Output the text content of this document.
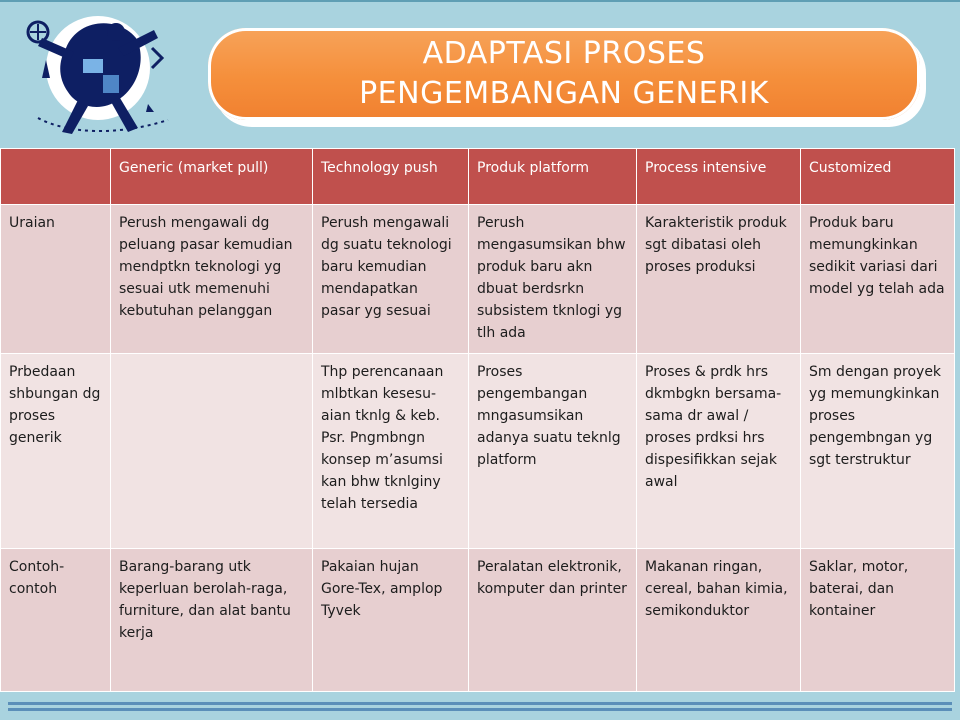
ADAPTASI PROSES
PENGEMBANGAN GENERIK
	Generic (market pull)	Technology push	Produk platform	Process intensive	Customized
Uraian	Perush mengawali dg peluang pasar kemudian mendptkn teknologi yg sesuai utk memenuhi kebutuhan pelanggan	Perush mengawali dg suatu teknologi baru kemudian mendapatkan pasar yg sesuai	Perush mengasumsikan bhw produk baru akn dbuat berdsrkn subsistem tknlogi yg tlh ada	Karakteristik produk sgt dibatasi oleh proses produksi	Produk baru memungkinkan sedikit variasi dari model yg telah ada
Prbedaan shbungan dg proses generik		Thp perencanaan mlbtkan kesesu-aian tknlg & keb. Psr. Pngmbngn konsep m’asumsi kan bhw tknlginy telah tersedia	Proses pengembangan mngasumsikan adanya suatu teknlg platform	Proses & prdk hrs dkmbgkn bersama-sama dr awal / proses prdksi hrs dispesifikkan sejak awal	Sm dengan proyek yg memungkinkan proses pengembngan yg sgt terstruktur
Contoh-contoh	Barang-barang utk keperluan berolah-raga, furniture, dan alat bantu kerja	Pakaian hujan Gore-Tex, amplop Tyvek	Peralatan elektronik, komputer dan printer	Makanan ringan, cereal, bahan kimia, semikonduktor	Saklar, motor, baterai, dan kontainer
